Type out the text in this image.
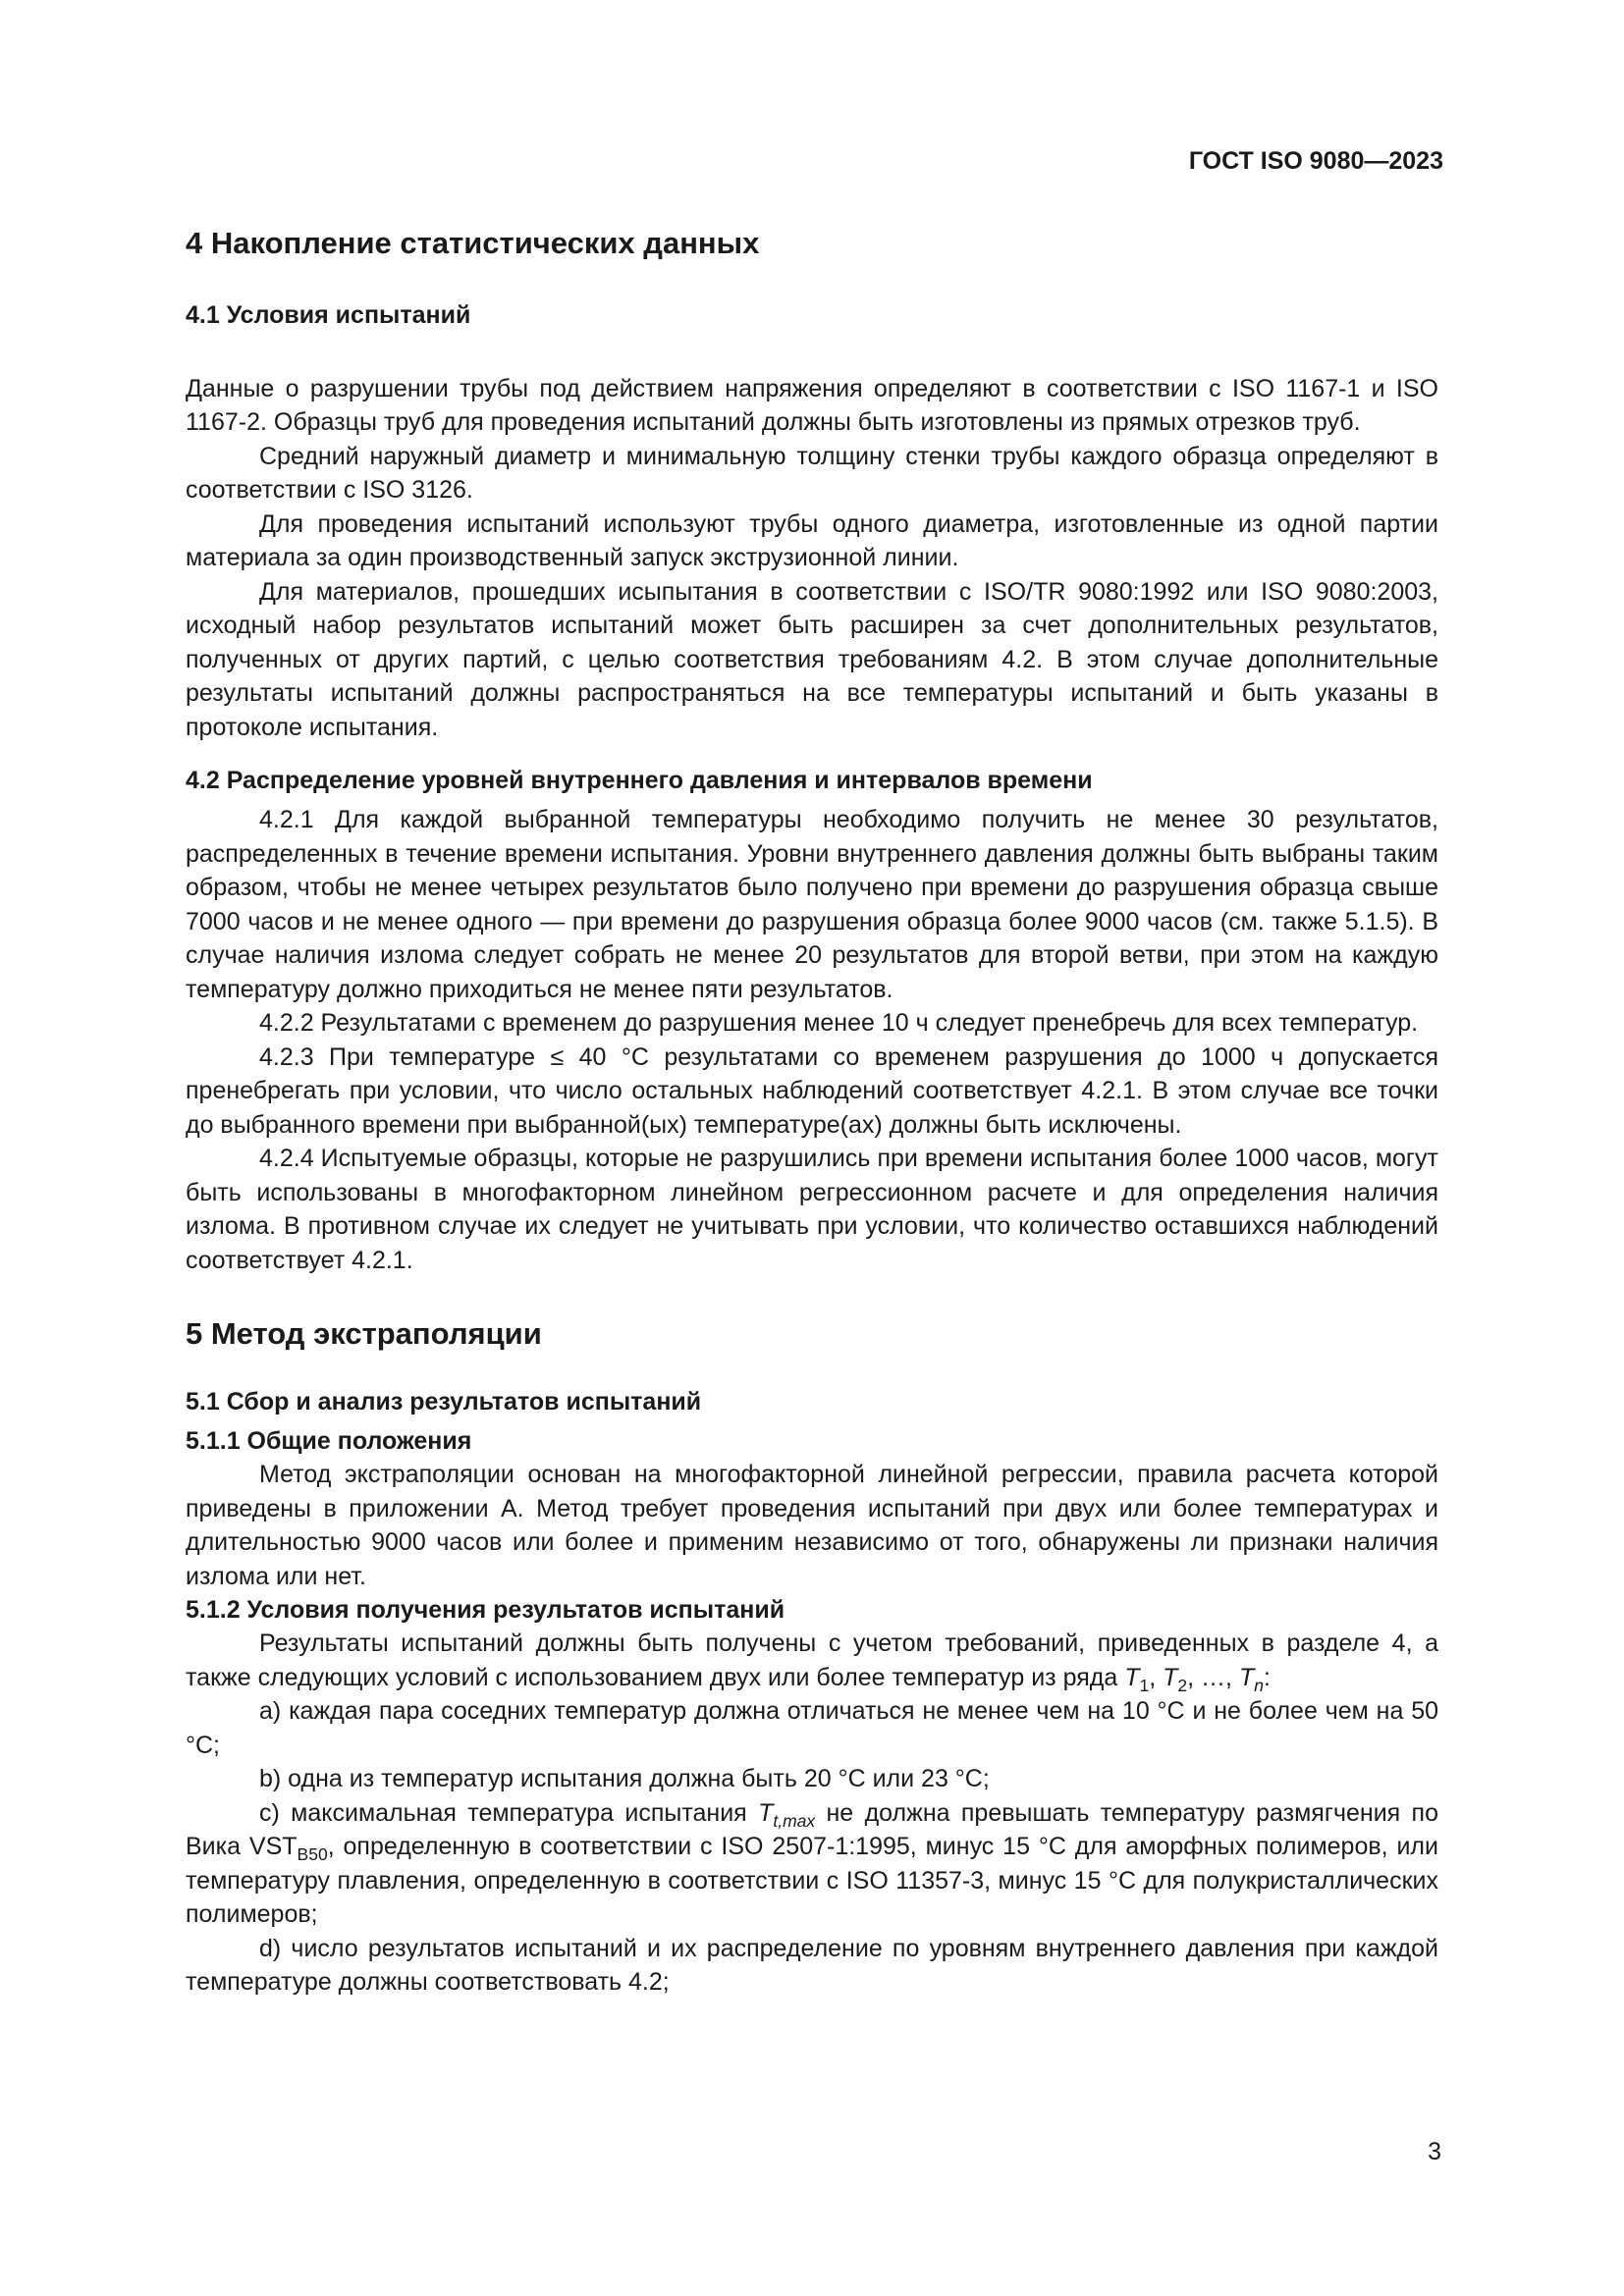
ГОСТ ISO 9080—2023
4 Накопление статистических данных
4.1 Условия испытаний
Данные о разрушении трубы под действием напряжения определяют в соответствии с ISO 1167-1 и ISO 1167-2. Образцы труб для проведения испытаний должны быть изготовлены из прямых отрезков труб.
Средний наружный диаметр и минимальную толщину стенки трубы каждого образца определяют в соответствии с ISO 3126.
Для проведения испытаний используют трубы одного диаметра, изготовленные из одной партии материала за один производственный запуск экструзионной линии.
Для материалов, прошедших исыпытания в соответствии с ISO/TR 9080:1992 или ISO 9080:2003, исходный набор результатов испытаний может быть расширен за счет дополнительных результатов, полученных от других партий, с целью соответствия требованиям 4.2. В этом случае дополнительные результаты испытаний должны распространяться на все температуры испытаний и быть указаны в протоколе испытания.
4.2 Распределение уровней внутреннего давления и интервалов времени
4.2.1 Для каждой выбранной температуры необходимо получить не менее 30 результатов, распределенных в течение времени испытания. Уровни внутреннего давления должны быть выбраны таким образом, чтобы не менее четырех результатов было получено при времени до разрушения образца свыше 7000 часов и не менее одного — при времени до разрушения образца более 9000 часов (см. также 5.1.5). В случае наличия излома следует собрать не менее 20 результатов для второй ветви, при этом на каждую температуру должно приходиться не менее пяти результатов.
4.2.2 Результатами с временем до разрушения менее 10 ч следует пренебречь для всех температур.
4.2.3 При температуре ≤ 40 °С результатами со временем разрушения до 1000 ч допускается пренебрегать при условии, что число остальных наблюдений соответствует 4.2.1. В этом случае все точки до выбранного времени при выбранной(ых) температуре(ах) должны быть исключены.
4.2.4 Испытуемые образцы, которые не разрушились при времени испытания более 1000 часов, могут быть использованы в многофакторном линейном регрессионном расчете и для определения наличия излома. В противном случае их следует не учитывать при условии, что количество оставшихся наблюдений соответствует 4.2.1.
5 Метод экстраполяции
5.1 Сбор и анализ результатов испытаний
5.1.1 Общие положения
Метод экстраполяции основан на многофакторной линейной регрессии, правила расчета которой приведены в приложении А. Метод требует проведения испытаний при двух или более температурах и длительностью 9000 часов или более и применим независимо от того, обнаружены ли признаки наличия излома или нет.
5.1.2 Условия получения результатов испытаний
Результаты испытаний должны быть получены с учетом требований, приведенных в разделе 4, а также следующих условий с использованием двух или более температур из ряда $T_1$, $T_2$, …, $T_n$:
a) каждая пара соседних температур должна отличаться не менее чем на 10 °С и не более чем на 50 °С;
b) одна из температур испытания должна быть 20 °С или 23 °С;
c) максимальная температура испытания $T_{t,max}$ не должна превышать температуру размягчения по Вика $VST_{B50}$, определенную в соответствии с ISO 2507-1:1995, минус 15 °С для аморфных полимеров, или температуру плавления, определенную в соответствии с ISO 11357-3, минус 15 °С для полукристаллических полимеров;
d) число результатов испытаний и их распределение по уровням внутреннего давления при каждой температуре должны соответствовать 4.2;
3
